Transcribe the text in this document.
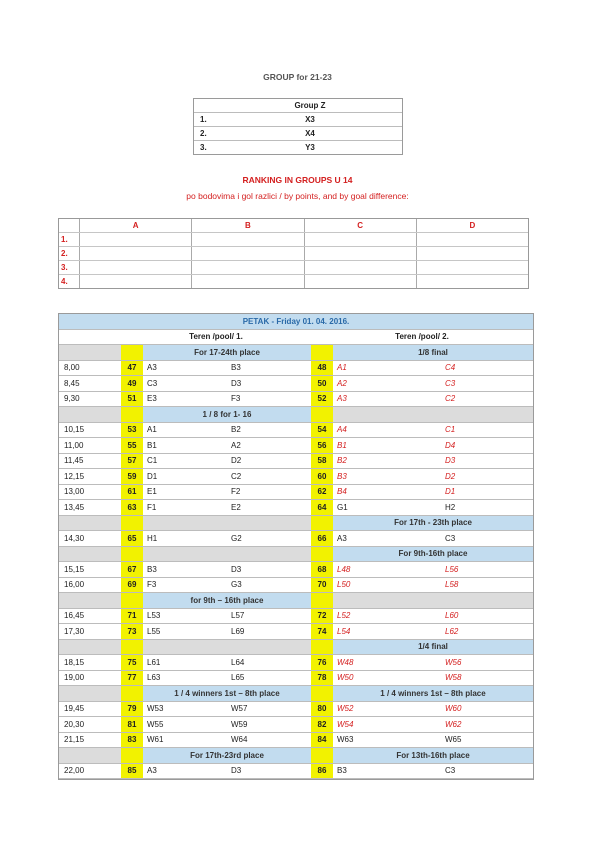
GROUP for 21-23
Group Z
1.	X3
2.	X4
3.	Y3
RANKING IN GROUPS U 14
po bodovima i gol razlici / by points, and by goal difference:
A	B	C	D
1.
2.
3.
4.
PETAK - Friday 01. 04. 2016.
Teren /pool/ 1.	Teren /pool/ 2.
For 17-24th place	1/8 final
8,00	47	A3	B3	48	A1	C4
8,45	49	C3	D3	50	A2	C3
9,30	51	E3	F3	52	A3	C2
1 / 8 for 1- 16
10,15	53	A1	B2	54	A4	C1
11,00	55	B1	A2	56	B1	D4
11,45	57	C1	D2	58	B2	D3
12,15	59	D1	C2	60	B3	D2
13,00	61	E1	F2	62	B4	D1
13,45	63	F1	E2	64	G1	H2
For 17th - 23th place
14,30	65	H1	G2	66	A3	C3
For 9th-16th place
15,15	67	B3	D3	68	L48	L56
16,00	69	F3	G3	70	L50	L58
for 9th – 16th place
16,45	71	L53	L57	72	L52	L60
17,30	73	L55	L69	74	L54	L62
1/4 final
18,15	75	L61	L64	76	W48	W56
19,00	77	L63	L65	78	W50	W58
1 / 4 winners 1st – 8th place	1 / 4 winners 1st – 8th place
19,45	79	W53	W57	80	W52	W60
20,30	81	W55	W59	82	W54	W62
21,15	83	W61	W64	84	W63	W65
For 17th-23rd place	For 13th-16th place
22,00	85	A3	D3	86	B3	C3
